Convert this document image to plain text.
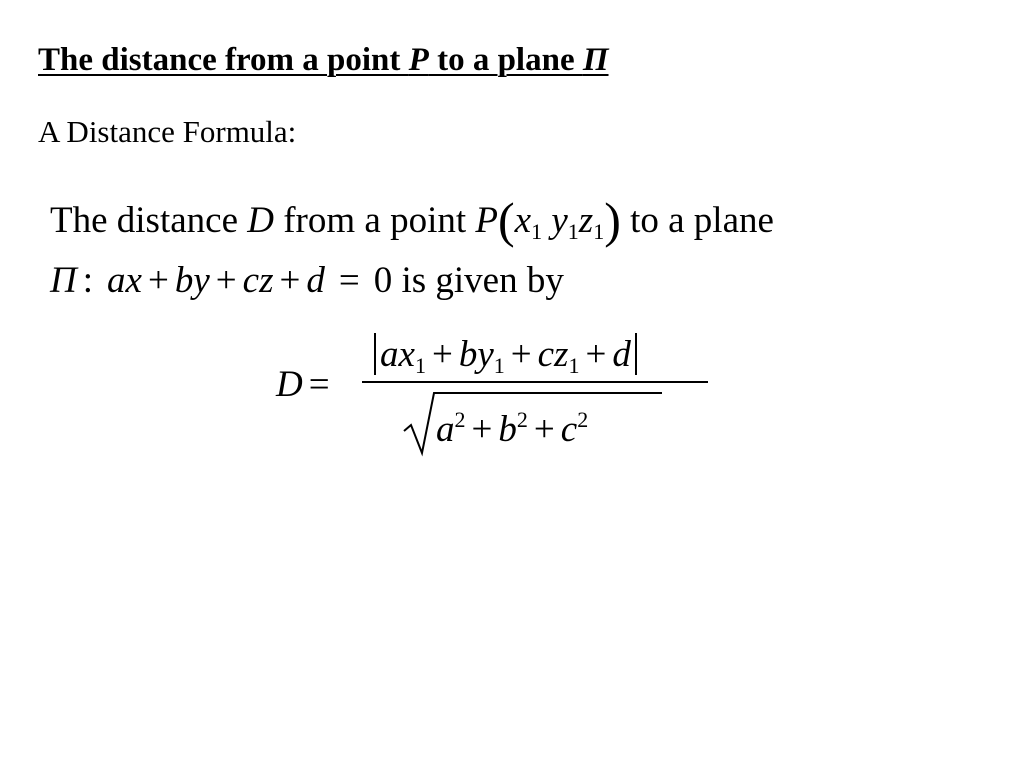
The distance from a point P to a plane Π

A Distance Formula:

The distance D from a point $P(x_1$ $y_1z_1$) to a plane
Π : ax + by + cz + d = 0 is given by
D =
$ax_1 + by_1 + cz_1 + d$
$a^2 + b^2 + c^2$
